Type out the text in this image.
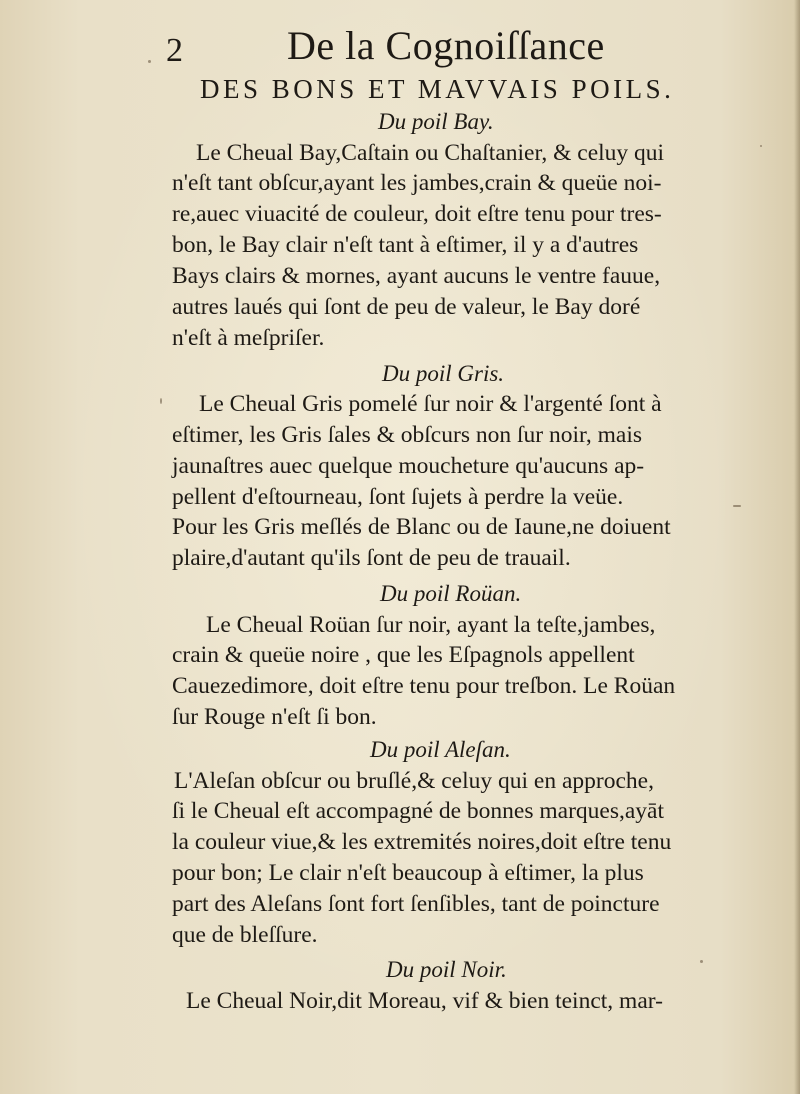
2	De la Cognoiſſance
DES BONS ET MAVVAIS POILS.
Du poil Bay.
Le Cheual Bay,Caſtain ou Chaſtanier, & celuy qui
n'eſt tant obſcur,ayant les jambes,crain & queüe noi-
re,auec viuacité de couleur, doit eſtre tenu pour tres-
bon, le Bay clair n'eſt tant à eſtimer, il y a d'autres
Bays clairs & mornes, ayant aucuns le ventre fauue,
autres laués qui ſont de peu de valeur, le Bay doré
n'eſt à meſpriſer.
Du poil Gris.
Le Cheual Gris pomelé ſur noir & l'argenté ſont à
eſtimer, les Gris ſales & obſcurs non ſur noir, mais
jaunaſtres auec quelque moucheture qu'aucuns ap-
pellent d'eſtourneau, ſont ſujets à perdre la veüe.
Pour les Gris meſlés de Blanc ou de Iaune,ne doiuent
plaire,d'autant qu'ils ſont de peu de trauail.
Du poil Roüan.
Le Cheual Roüan ſur noir, ayant la teſte,jambes,
crain & queüe noire , que les Eſpagnols appellent
Cauezedimore, doit eſtre tenu pour treſbon. Le Roüan
ſur Rouge n'eſt ſi bon.
Du poil Aleſan.
L'Aleſan obſcur ou bruſlé,& celuy qui en approche,
ſi le Cheual eſt accompagné de bonnes marques,ayāt
la couleur viue,& les extremités noires,doit eſtre tenu
pour bon; Le clair n'eſt beaucoup à eſtimer, la plus
part des Aleſans ſont fort ſenſibles, tant de poincture
que de bleſſure.
Du poil Noir.
Le Cheual Noir,dit Moreau, vif & bien teinct, mar-
